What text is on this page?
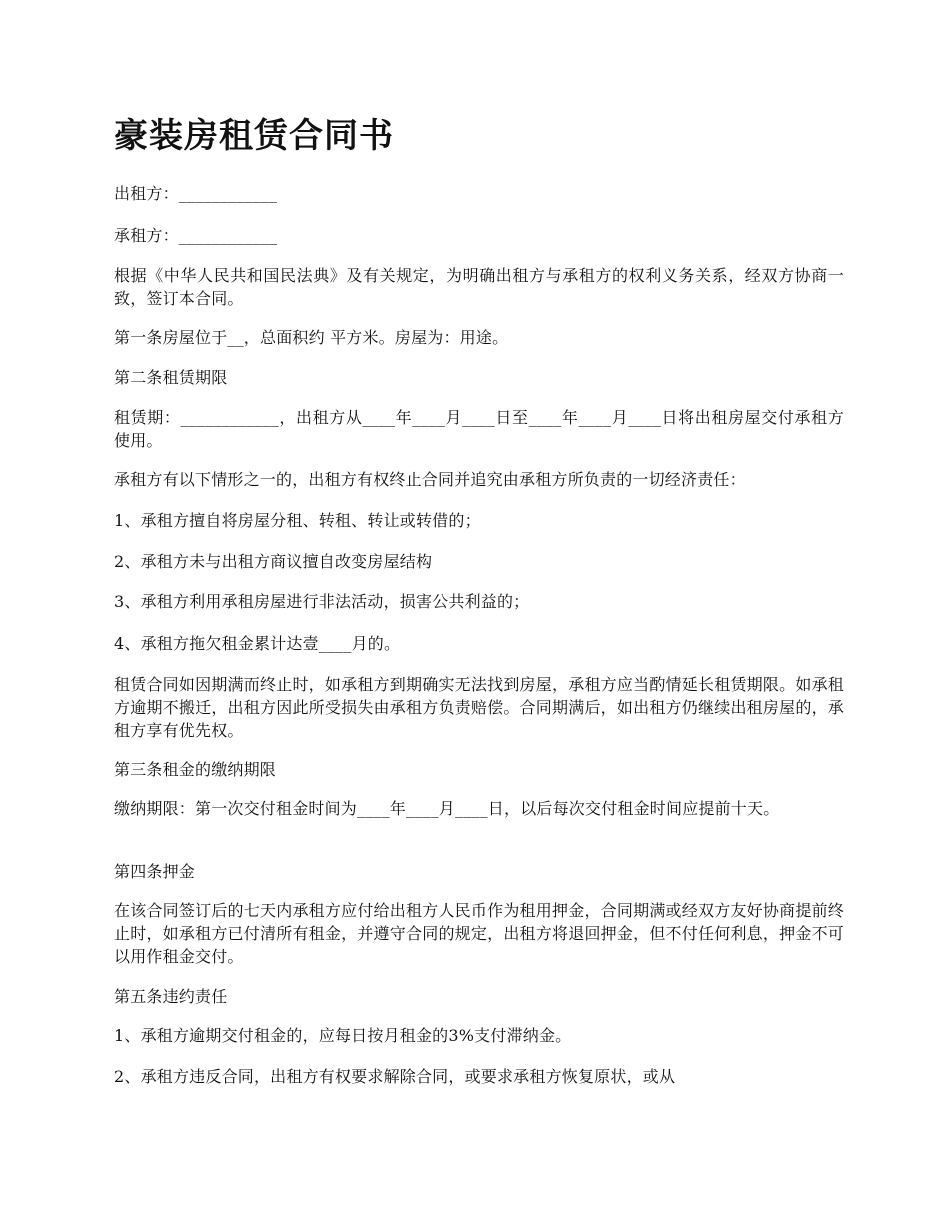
豪装房租赁合同书

出租方：____________

承租方：____________

根据《中华人民共和国民法典》及有关规定，为明确出租方与承租方的权利义务关系，经双方协商一致，签订本合同。

第一条房屋位于__，总面积约 平方米。房屋为：用途。

第二条租赁期限

租赁期：____________，出租方从____年____月____日至____年____月____日将出租房屋交付承租方使用。

承租方有以下情形之一的，出租方有权终止合同并追究由承租方所负责的一切经济责任：

1、承租方擅自将房屋分租、转租、转让或转借的；

2、承租方未与出租方商议擅自改变房屋结构

3、承租方利用承租房屋进行非法活动，损害公共利益的；

4、承租方拖欠租金累计达壹____月的。

租赁合同如因期满而终止时，如承租方到期确实无法找到房屋，承租方应当酌情延长租赁期限。如承租方逾期不搬迁，出租方因此所受损失由承租方负责赔偿。合同期满后，如出租方仍继续出租房屋的，承租方享有优先权。

第三条租金的缴纳期限

缴纳期限：第一次交付租金时间为____年____月____日，以后每次交付租金时间应提前十天。

第四条押金

在该合同签订后的七天内承租方应付给出租方人民币作为租用押金，合同期满或经双方友好协商提前终止时，如承租方已付清所有租金，并遵守合同的规定，出租方将退回押金，但不付任何利息，押金不可以用作租金交付。

第五条违约责任

1、承租方逾期交付租金的，应每日按月租金的3%支付滞纳金。

2、承租方违反合同，出租方有权要求解除合同，或要求承租方恢复原状，或从
